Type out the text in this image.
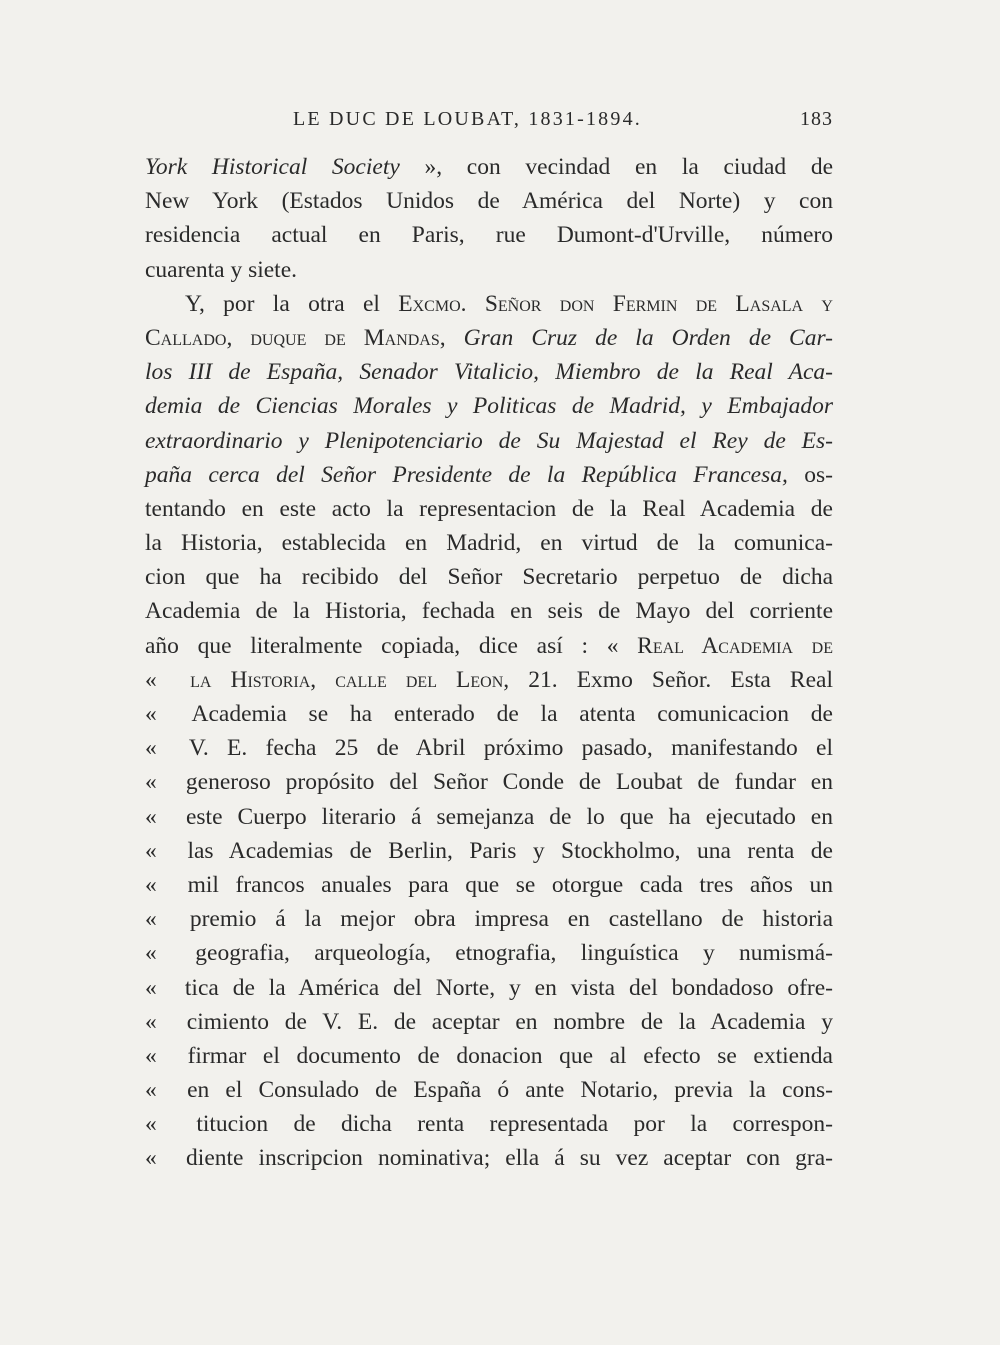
LE DUC DE LOUBAT, 1831-1894.	183
York Historical Society », con vecindad en la ciudad de
New York (Estados Unidos de América del Norte) y con
residencia actual en Paris, rue Dumont-d'Urville, número
cuarenta y siete.
Y, por la otra el Excmo. Señor don Fermin de Lasala y
Callado, duque de Mandas, Gran Cruz de la Orden de Car-
los III de España, Senador Vitalicio, Miembro de la Real Aca-
demia de Ciencias Morales y Politicas de Madrid, y Embajador
extraordinario y Plenipotenciario de Su Majestad el Rey de Es-
paña cerca del Señor Presidente de la República Francesa, os-
tentando en este acto la representacion de la Real Academia de
la Historia, establecida en Madrid, en virtud de la comunica-
cion que ha recibido del Señor Secretario perpetuo de dicha
Academia de la Historia, fechada en seis de Mayo del corriente
año que literalmente copiada, dice así : « Real Academia de
« la Historia, calle del Leon, 21. Exmo Señor. Esta Real
« Academia se ha enterado de la atenta comunicacion de
« V. E. fecha 25 de Abril próximo pasado, manifestando el
« generoso propósito del Señor Conde de Loubat de fundar en
« este Cuerpo literario á semejanza de lo que ha ejecutado en
« las Academias de Berlin, Paris y Stockholmo, una renta de
« mil francos anuales para que se otorgue cada tres años un
« premio á la mejor obra impresa en castellano de historia
« geografia, arqueología, etnografia, linguística y numismá-
« tica de la América del Norte, y en vista del bondadoso ofre-
« cimiento de V. E. de aceptar en nombre de la Academia y
« firmar el documento de donacion que al efecto se extienda
« en el Consulado de España ó ante Notario, previa la cons-
« titucion de dicha renta representada por la correspon-
« diente inscripcion nominativa; ella á su vez aceptar con gra-
